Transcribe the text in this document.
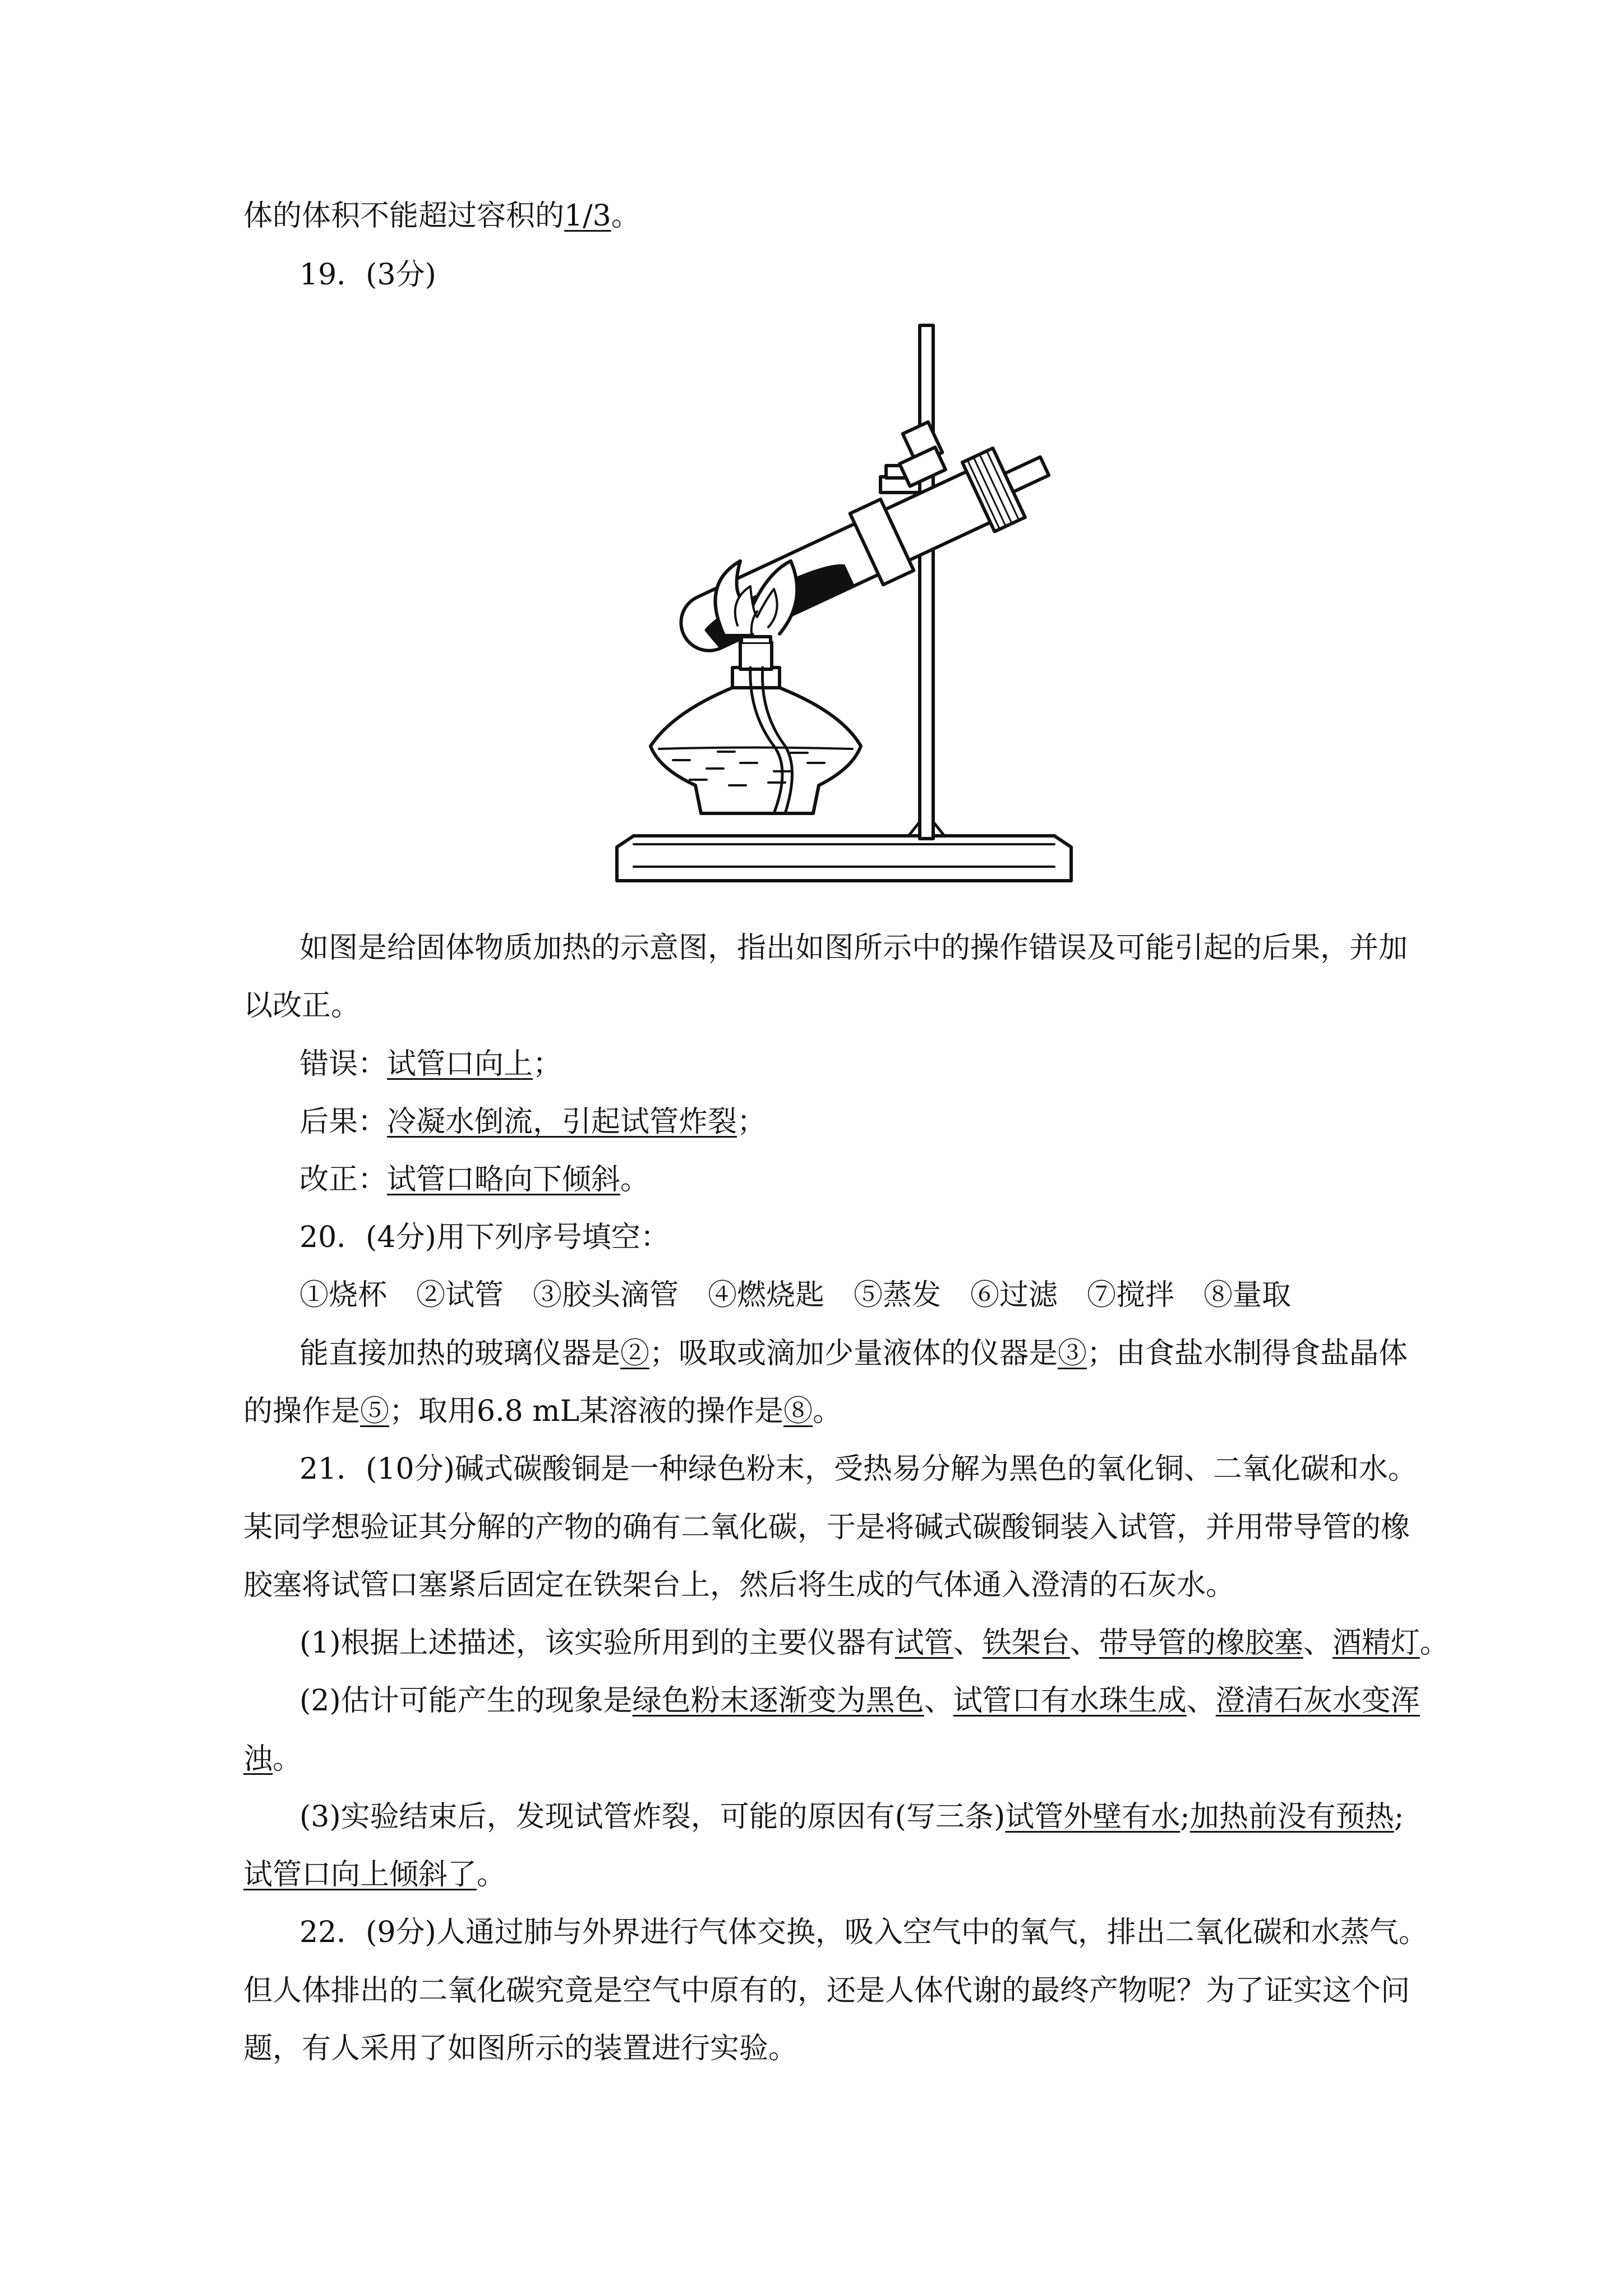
体的体积不能超过容积的1/3。
19．(3分)
如图是给固体物质加热的示意图，指出如图所示中的操作错误及可能引起的后果，并加
以改正。
错误：试管口向上；
后果：冷凝水倒流，引起试管炸裂；
改正：试管口略向下倾斜。
20．(4分)用下列序号填空：
①烧杯　②试管　③胶头滴管　④燃烧匙　⑤蒸发　⑥过滤　⑦搅拌　⑧量取
能直接加热的玻璃仪器是②；吸取或滴加少量液体的仪器是③；由食盐水制得食盐晶体
的操作是⑤；取用6.8 mL某溶液的操作是⑧。
21．(10分)碱式碳酸铜是一种绿色粉末，受热易分解为黑色的氧化铜、二氧化碳和水。
某同学想验证其分解的产物的确有二氧化碳，于是将碱式碳酸铜装入试管，并用带导管的橡
胶塞将试管口塞紧后固定在铁架台上，然后将生成的气体通入澄清的石灰水。
(1)根据上述描述，该实验所用到的主要仪器有试管、铁架台、带导管的橡胶塞、酒精灯。
(2)估计可能产生的现象是绿色粉末逐渐变为黑色、试管口有水珠生成、澄清石灰水变浑
浊。
(3)实验结束后，发现试管炸裂，可能的原因有(写三条)试管外壁有水;加热前没有预热;
试管口向上倾斜了。
22．(9分)人通过肺与外界进行气体交换，吸入空气中的氧气，排出二氧化碳和水蒸气。
但人体排出的二氧化碳究竟是空气中原有的，还是人体代谢的最终产物呢？为了证实这个问
题，有人采用了如图所示的装置进行实验。
